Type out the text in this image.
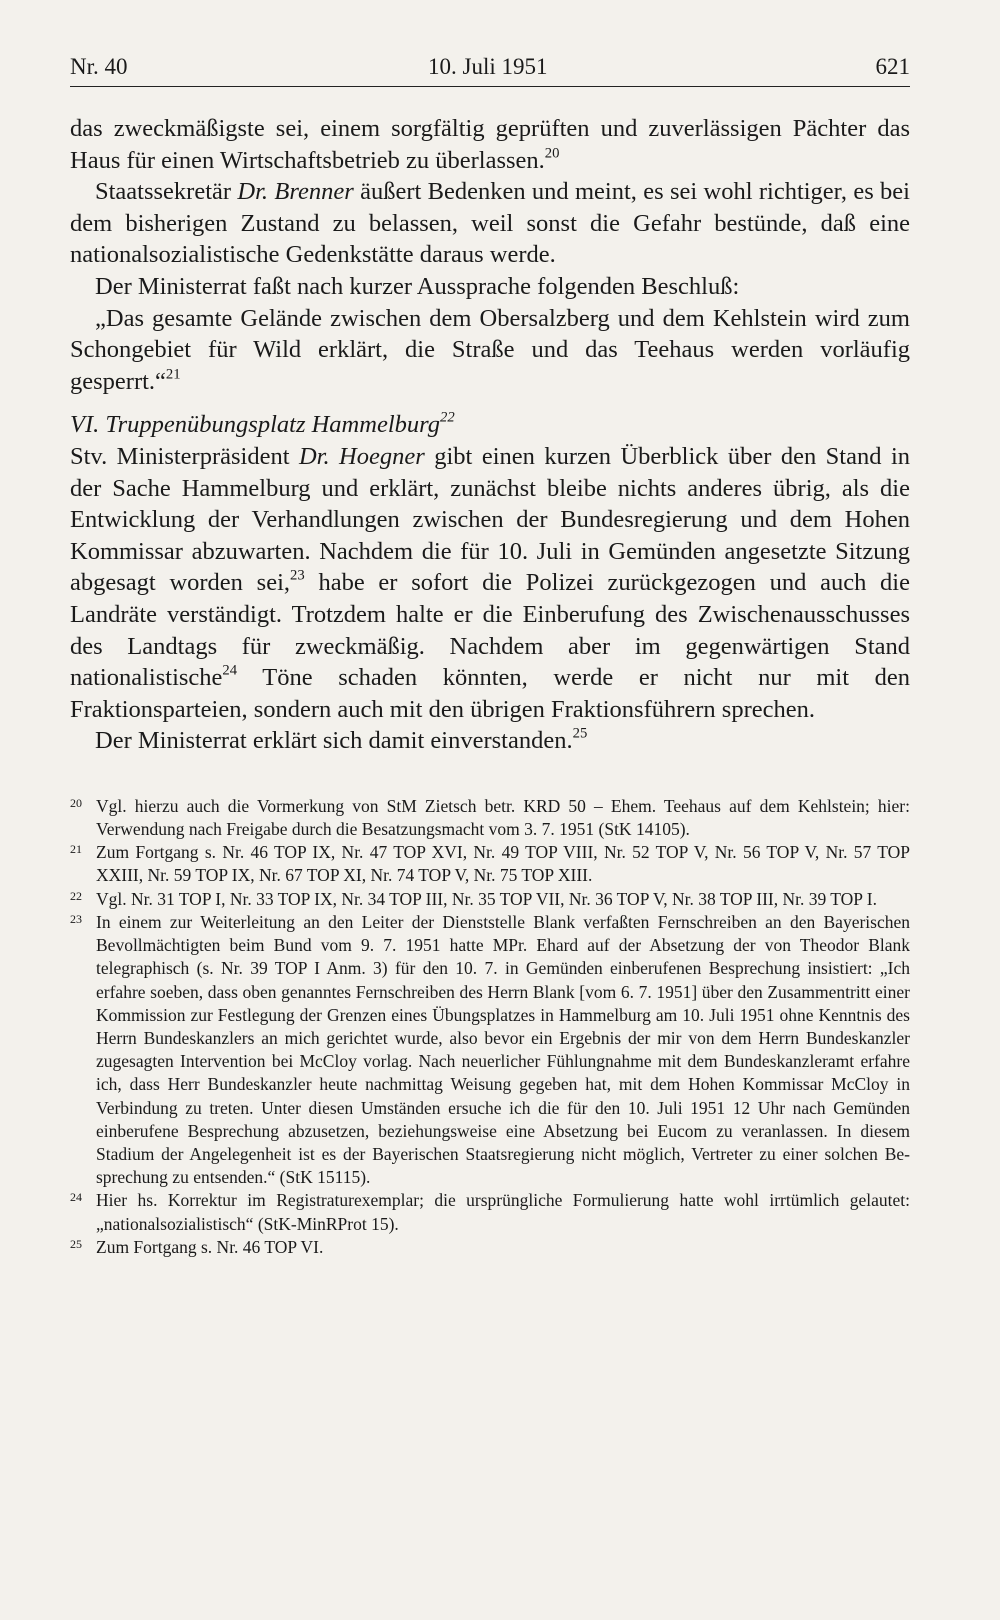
Nr. 40	10. Juli 1951	621

das zweckmäßigste sei, einem sorgfältig geprüften und zuverlässigen Pächter das Haus für einen Wirtschaftsbetrieb zu überlassen.$^{20}$

Staatssekretär Dr. Brenner äußert Bedenken und meint, es sei wohl richtiger, es bei dem bisherigen Zustand zu belassen, weil sonst die Gefahr bestünde, daß eine nationalsozialistische Gedenkstätte daraus werde.

Der Ministerrat faßt nach kurzer Aussprache folgenden Beschluß:

„Das gesamte Gelände zwischen dem Obersalzberg und dem Kehlstein wird zum Schongebiet für Wild erklärt, die Straße und das Teehaus werden vorläufig gesperrt.“$^{21}$

VI. Truppenübungsplatz Hammelburg$^{22}$

Stv. Ministerpräsident Dr. Hoegner gibt einen kurzen Überblick über den Stand in der Sache Hammelburg und erklärt, zunächst bleibe nichts anderes übrig, als die Entwicklung der Verhandlungen zwischen der Bundesregierung und dem Hohen Kommissar abzuwarten. Nachdem die für 10. Juli in Gemünden angesetzte Sitzung abgesagt worden sei,$^{23}$ habe er sofort die Polizei zurückgezogen und auch die Landräte verständigt. Trotzdem halte er die Einberufung des Zwischenausschusses des Landtags für zweckmäßig. Nachdem aber im gegenwärtigen Stand nationalistische$^{24}$ Töne schaden könnten, werde er nicht nur mit den Fraktionsparteien, sondern auch mit den übrigen Fraktionsführern sprechen.

Der Ministerrat erklärt sich damit einverstanden.$^{25}$

20 Vgl. hierzu auch die Vormerkung von StM Zietsch betr. KRD 50 – Ehem. Teehaus auf dem Kehlstein; hier: Verwendung nach Freigabe durch die Besatzungsmacht vom 3. 7. 1951 (StK 14105).
21 Zum Fortgang s. Nr. 46 TOP IX, Nr. 47 TOP XVI, Nr. 49 TOP VIII, Nr. 52 TOP V, Nr. 56 TOP V, Nr. 57 TOP XXIII, Nr. 59 TOP IX, Nr. 67 TOP XI, Nr. 74 TOP V, Nr. 75 TOP XIII.
22 Vgl. Nr. 31 TOP I, Nr. 33 TOP IX, Nr. 34 TOP III, Nr. 35 TOP VII, Nr. 36 TOP V, Nr. 38 TOP III, Nr. 39 TOP I.
23 In einem zur Weiterleitung an den Leiter der Dienststelle Blank verfaßten Fernschreiben an den Bayerischen Bevollmächtigten beim Bund vom 9. 7. 1951 hatte MPr. Ehard auf der Absetzung der von Theodor Blank telegraphisch (s. Nr. 39 TOP I Anm. 3) für den 10. 7. in Gemünden einberufenen Besprechung insistiert: „Ich erfahre soeben, dass oben genanntes Fernschreiben des Herrn Blank [vom 6. 7. 1951] über den Zusammentritt einer Kommission zur Festlegung der Grenzen eines Übungsplatzes in Hammelburg am 10. Juli 1951 ohne Kenntnis des Herrn Bundeskanzlers an mich gerichtet wurde, also bevor ein Ergebnis der mir von dem Herrn Bundeskanzler zugesagten Intervention bei McCloy vorlag. Nach neuerlicher Fühlungnahme mit dem Bundeskanzleramt erfahre ich, dass Herr Bundeskanzler heute nachmittag Weisung gegeben hat, mit dem Hohen Kommissar McCloy in Verbindung zu treten. Unter diesen Umständen ersuche ich die für den 10. Juli 1951 12 Uhr nach Gemünden einberufene Besprechung abzusetzen, beziehungsweise eine Absetzung bei Eucom zu veranlassen. In diesem Stadium der Angelegenheit ist es der Bayerischen Staatsregierung nicht möglich, Vertreter zu einer solchen Besprechung zu entsenden.“ (StK 15115).
24 Hier hs. Korrektur im Registraturexemplar; die ursprüngliche Formulierung hatte wohl irrtümlich gelautet: „nationalsozialistisch“ (StK-MinRProt 15).
25 Zum Fortgang s. Nr. 46 TOP VI.
